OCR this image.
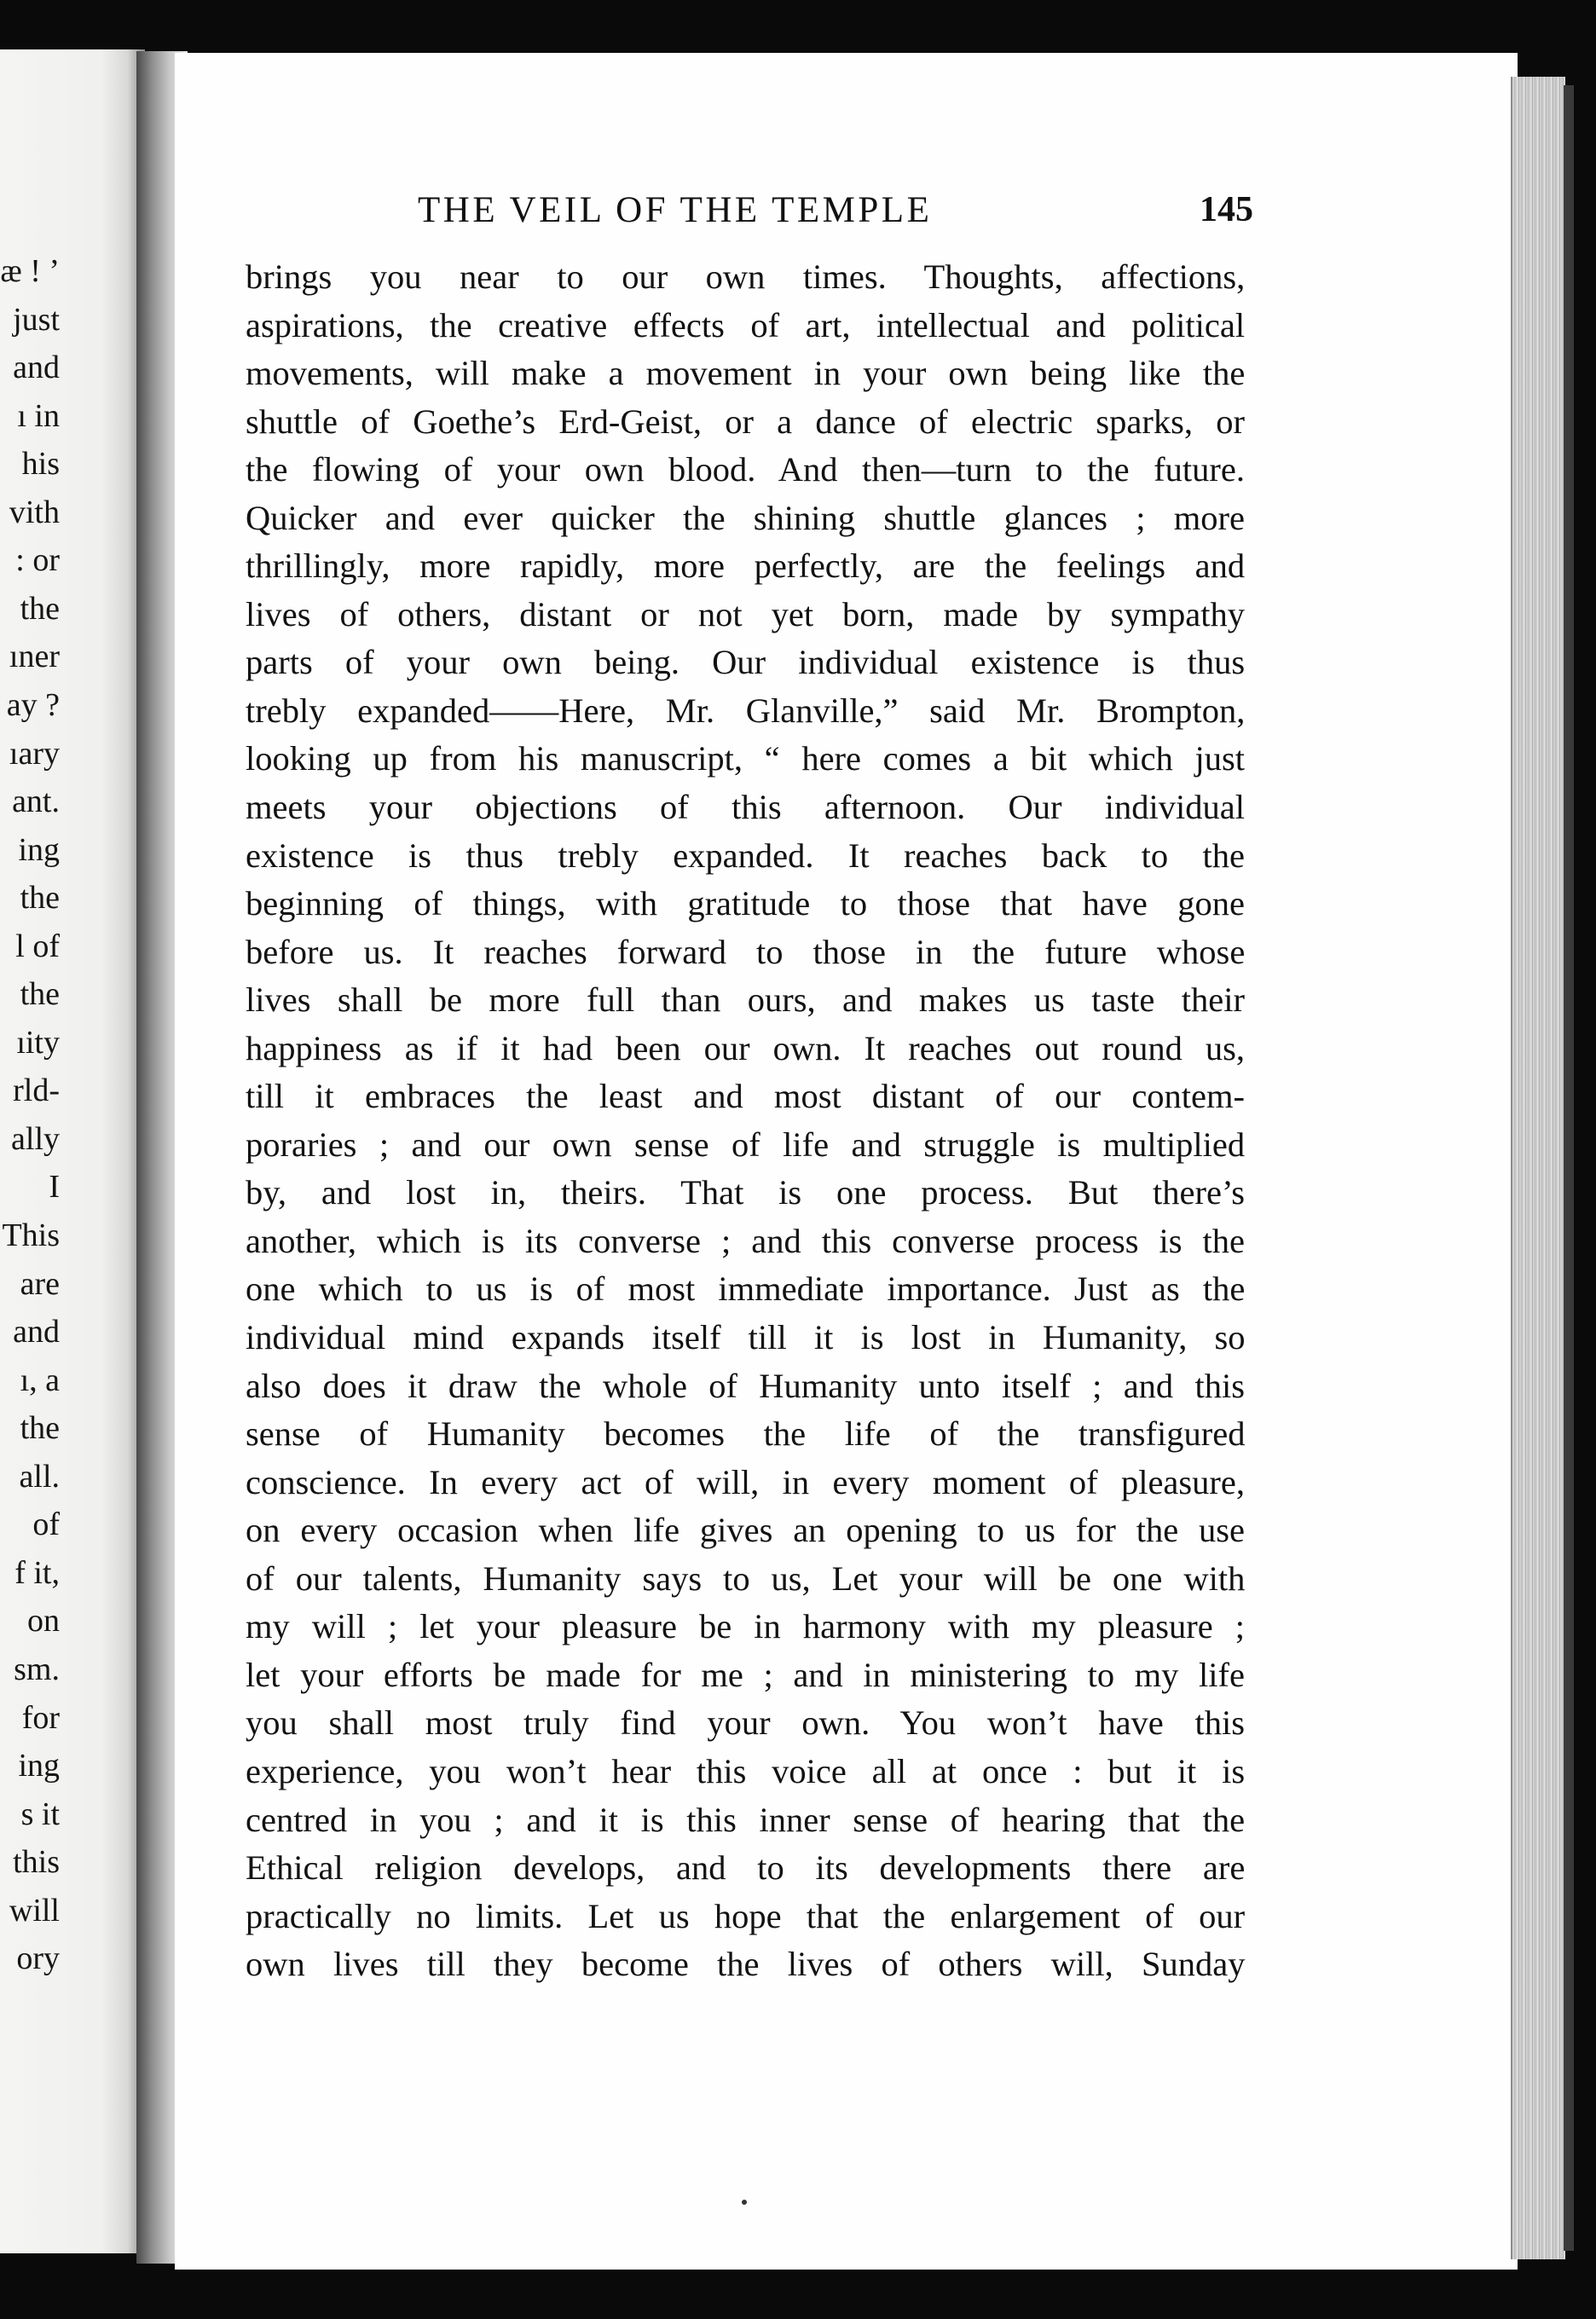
æ ! ’
just
and
ı in
his
vith
: or
the
ıner
ay ?
ıary
ant.
ing
the
l of
the
ıity
rld-
ally
I
This
are
and
ı, a
the
all.
of
f it,
on
sm.
for
ing
s it
this
will
ory
THE VEIL OF THE TEMPLE	145
brings you near to our own times. Thoughts, affections,
aspirations, the creative effects of art, intellectual and political
movements, will make a movement in your own being like the
shuttle of Goethe’s Erd-Geist, or a dance of electric sparks, or
the flowing of your own blood. And then—turn to the future.
Quicker and ever quicker the shining shuttle glances ; more
thrillingly, more rapidly, more perfectly, are the feelings and
lives of others, distant or not yet born, made by sympathy
parts of your own being. Our individual existence is thus
trebly expanded——Here, Mr. Glanville,” said Mr. Brompton,
looking up from his manuscript, “ here comes a bit which just
meets your objections of this afternoon. Our individual
existence is thus trebly expanded. It reaches back to the
beginning of things, with gratitude to those that have gone
before us. It reaches forward to those in the future whose
lives shall be more full than ours, and makes us taste their
happiness as if it had been our own. It reaches out round us,
till it embraces the least and most distant of our contem-
poraries ; and our own sense of life and struggle is multiplied
by, and lost in, theirs. That is one process. But there’s
another, which is its converse ; and this converse process is the
one which to us is of most immediate importance. Just as the
individual mind expands itself till it is lost in Humanity, so
also does it draw the whole of Humanity unto itself ; and this
sense of Humanity becomes the life of the transfigured
conscience. In every act of will, in every moment of pleasure,
on every occasion when life gives an opening to us for the use
of our talents, Humanity says to us, Let your will be one with
my will ; let your pleasure be in harmony with my pleasure ;
let your efforts be made for me ; and in ministering to my life
you shall most truly find your own. You won’t have this
experience, you won’t hear this voice all at once : but it is
centred in you ; and it is this inner sense of hearing that the
Ethical religion develops, and to its developments there are
practically no limits. Let us hope that the enlargement of our
own lives till they become the lives of others will, Sunday
